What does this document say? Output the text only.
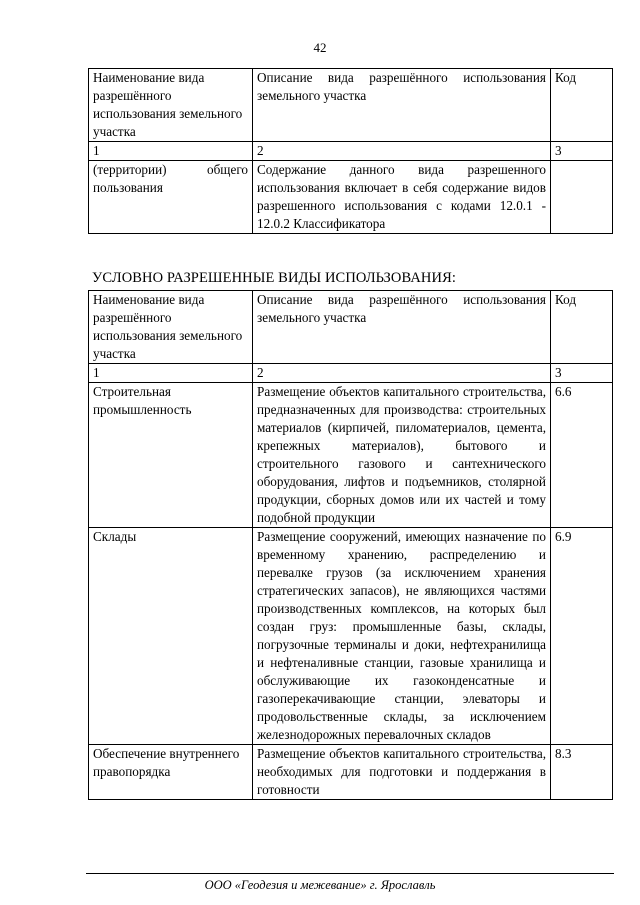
42
Наименование вида разрешённого использования земельного участка	Описание вида разрешённого использования земельного участка	Код
1	2	3
(территории) общего пользования	Содержание данного вида разрешенного использования включает в себя содержание видов разрешенного использования с кодами 12.0.1 - 12.0.2 Классификатора	
УСЛОВНО РАЗРЕШЕННЫЕ ВИДЫ ИСПОЛЬЗОВАНИЯ:
Наименование вида разрешённого использования земельного участка	Описание вида разрешённого использования земельного участка	Код
1	2	3
Строительная промышленность	Размещение объектов капитального строительства, предназначенных для производства: строительных материалов (кирпичей, пиломатериалов, цемента, крепежных материалов), бытового и строительного газового и сантехнического оборудования, лифтов и подъемников, столярной продукции, сборных домов или их частей и тому подобной продукции	6.6
Склады	Размещение сооружений, имеющих назначение по временному хранению, распределению и перевалке грузов (за исключением хранения стратегических запасов), не являющихся частями производственных комплексов, на которых был создан груз: промышленные базы, склады, погрузочные терминалы и доки, нефтехранилища и нефтеналивные станции, газовые хранилища и обслуживающие их газоконденсатные и газоперекачивающие станции, элеваторы и продовольственные склады, за исключением железнодорожных перевалочных складов	6.9
Обеспечение внутреннего правопорядка	Размещение объектов капитального строительства, необходимых для подготовки и поддержания в готовности	8.3
ООО «Геодезия и межевание» г. Ярославль
